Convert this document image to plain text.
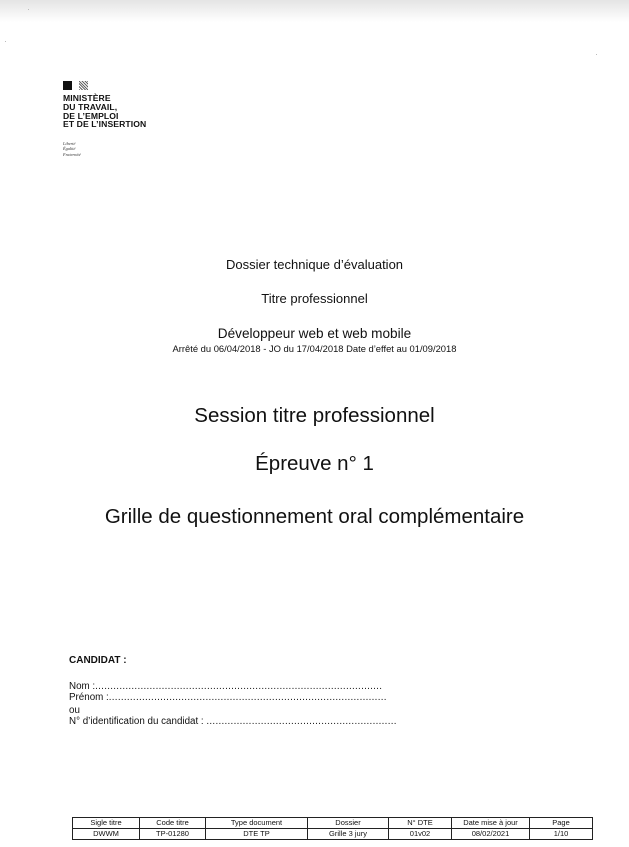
MINISTÈRE
DU TRAVAIL,
DE L’EMPLOI
ET DE L’INSERTION
Liberté
Égalité
Fraternité
Dossier technique d’évaluation
Titre professionnel
Développeur web et web mobile
Arrêté du 06/04/2018 - JO du 17/04/2018 Date d’effet au 01/09/2018
Session titre professionnel
Épreuve n° 1
Grille de questionnement oral complémentaire
CANDIDAT :
Nom :...............................................................................................
Prénom :............................................................................................
ou
N° d’identification du candidat : ...............................................................
Sigle titre	Code titre	Type document	Dossier	N° DTE	Date mise à jour	Page
DWWM	TP-01280	DTE TP	Grille 3 jury	01v02	08/02/2021	1/10
